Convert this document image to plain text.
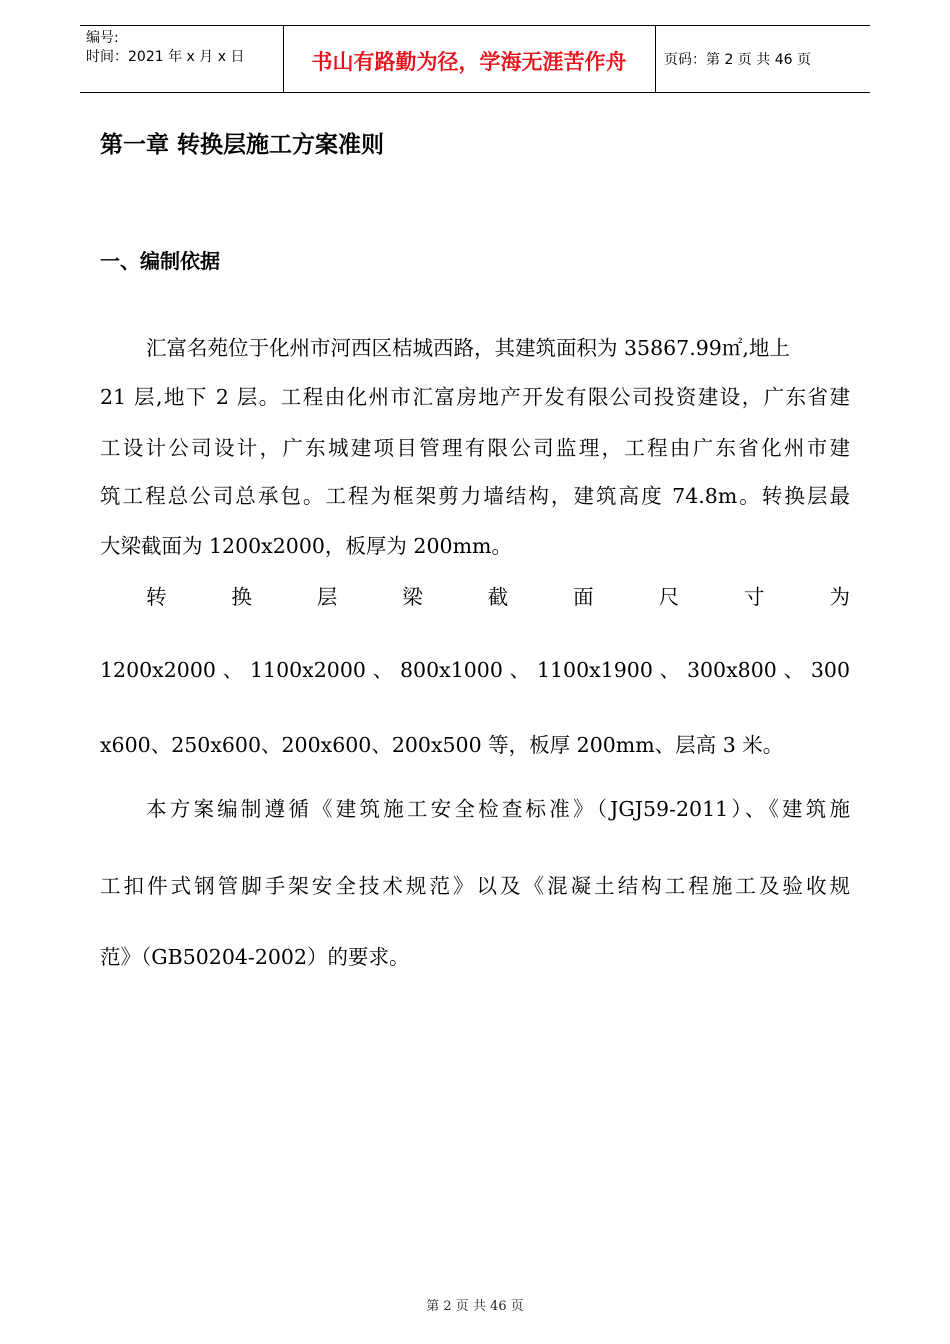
编号:
时间：2021 年 x 月 x 日	书山有路勤为径，学海无涯苦作舟	页码：第 2 页 共 46 页
第一章 转换层施工方案准则
一、编制依据
汇富名苑位于化州市河西区桔城西路，其建筑面积为 35867.99㎡,地上
21 层,地下 2 层。工程由化州市汇富房地产开发有限公司投资建设，广东省建
工设计公司设计，广东城建项目管理有限公司监理，工程由广东省化州市建
筑工程总公司总承包。工程为框架剪力墙结构，建筑高度 74.8m。转换层最
大梁截面为 1200x2000，板厚为 200mm。
转 换 层 梁 截 面 尺 寸 为
1200x2000、1100x2000、800x1000、1100x1900、300x800、300
x600、250x600、200x600、200x500 等，板厚 200mm、层高 3 米。
本方案编制遵循《建筑施工安全检查标准》（JGJ59-2011）、《建筑施
工扣件式钢管脚手架安全技术规范》以及《混凝土结构工程施工及验收规
范》（GB50204-2002）的要求。
第 2 页 共 46 页
